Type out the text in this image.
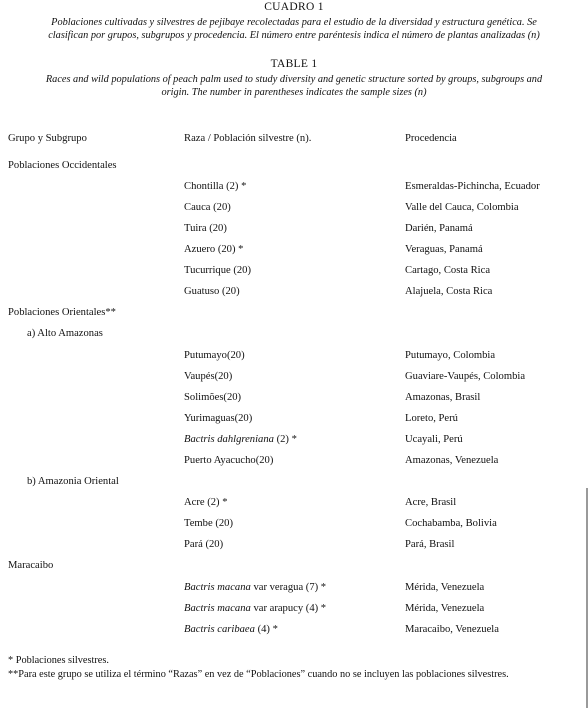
CUADRO 1
Poblaciones cultivadas y silvestres de pejibaye recolectadas para el estudio de la diversidad y estructura genética. Se
clasifican por grupos, subgrupos y procedencia. El número entre paréntesis indica el número de plantas analizadas (n)
TABLE 1
Races and wild populations of peach palm used to study diversity and genetic structure sorted by groups, subgroups and
origin. The number in parentheses indicates the sample sizes (n)
Grupo y Subgrupo	Raza / Población silvestre (n).	Procedencia
Poblaciones Occidentales
Chontilla (2) *	Esmeraldas-Pichincha, Ecuador
Cauca (20)	Valle del Cauca, Colombia
Tuira (20)	Darién, Panamá
Azuero (20) *	Veraguas, Panamá
Tucurrique (20)	Cartago, Costa Rica
Guatuso (20)	Alajuela, Costa Rica
Poblaciones Orientales**
a) Alto Amazonas
Putumayo(20)	Putumayo, Colombia
Vaupés(20)	Guaviare-Vaupés, Colombia
Solimões(20)	Amazonas, Brasil
Yurimaguas(20)	Loreto, Perú
Bactris dahlgreniana (2) *	Ucayali, Perú
Puerto Ayacucho(20)	Amazonas, Venezuela
b) Amazonia Oriental
Acre (2) *	Acre, Brasil
Tembe (20)	Cochabamba, Bolivia
Pará (20)	Pará, Brasil
Maracaibo
Bactris macana var veragua (7) *	Mérida, Venezuela
Bactris macana var arapucy (4) *	Mérida, Venezuela
Bactris caribaea (4) *	Maracaibo, Venezuela
* Poblaciones silvestres.
**Para este grupo se utiliza el término “Razas” en vez de “Poblaciones” cuando no se incluyen las poblaciones silvestres.
